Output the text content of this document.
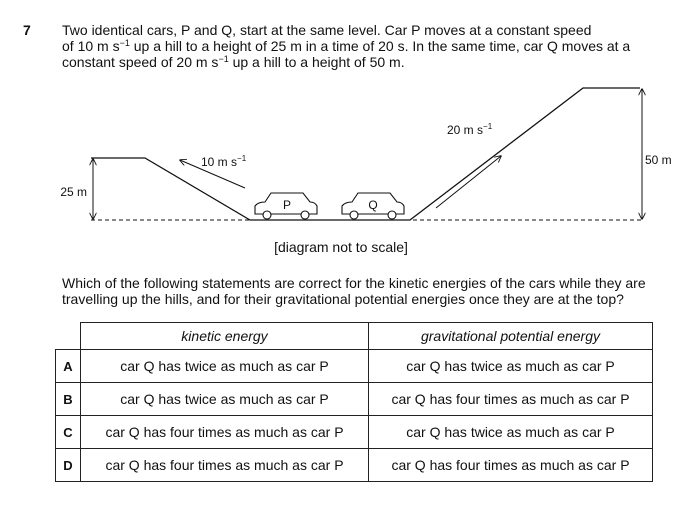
7 Two identical cars, P and Q, start at the same level. Car P moves at a constant speed
of 10 m $s^{-1}$ up a hill to a height of 25 m in a time of 20 s. In the same time, car Q moves at a
constant speed of 20 m $s^{-1}$ up a hill to a height of 50 m.
25 m
50 m
10 m $s^{-1}$
20 m $s^{-1}$
P	Q
[diagram not to scale]
Which of the following statements are correct for the kinetic energies of the cars while they are travelling up the hills, and for their gravitational potential energies once they are at the top?
	kinetic energy	gravitational potential energy
A	car Q has twice as much as car P	car Q has twice as much as car P
B	car Q has twice as much as car P	car Q has four times as much as car P
C	car Q has four times as much as car P	car Q has twice as much as car P
D	car Q has four times as much as car P	car Q has four times as much as car P
